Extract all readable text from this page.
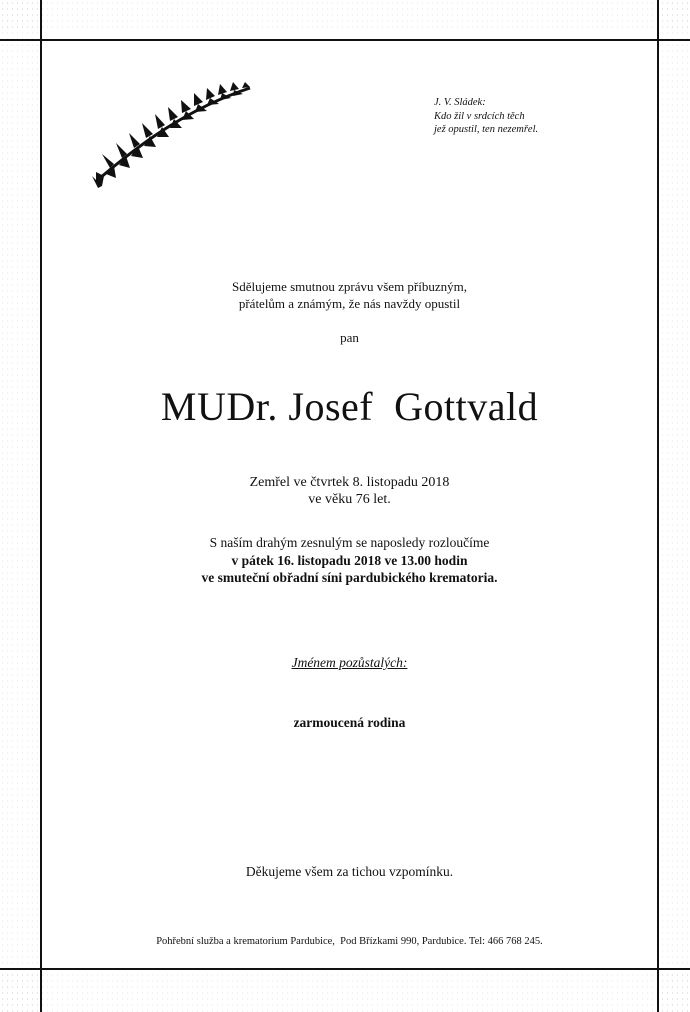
J. V. Sládek:
Kdo žil v srdcích těch
jež opustil, ten nezemřel.
Sdělujeme smutnou zprávu všem příbuzným,
přátelům a známým, že nás navždy opustil
pan
MUDr. Josef  Gottvald
Zemřel ve čtvrtek 8. listopadu 2018
ve věku 76 let.
S naším drahým zesnulým se naposledy rozloučíme
v pátek 16. listopadu 2018 ve 13.00 hodin
ve smuteční obřadní síni pardubického krematoria.
Jménem pozůstalých:
zarmoucená rodina
Děkujeme všem za tichou vzpomínku.
Pohřební služba a krematorium Pardubice,  Pod Břízkami 990, Pardubice. Tel: 466 768 245.
